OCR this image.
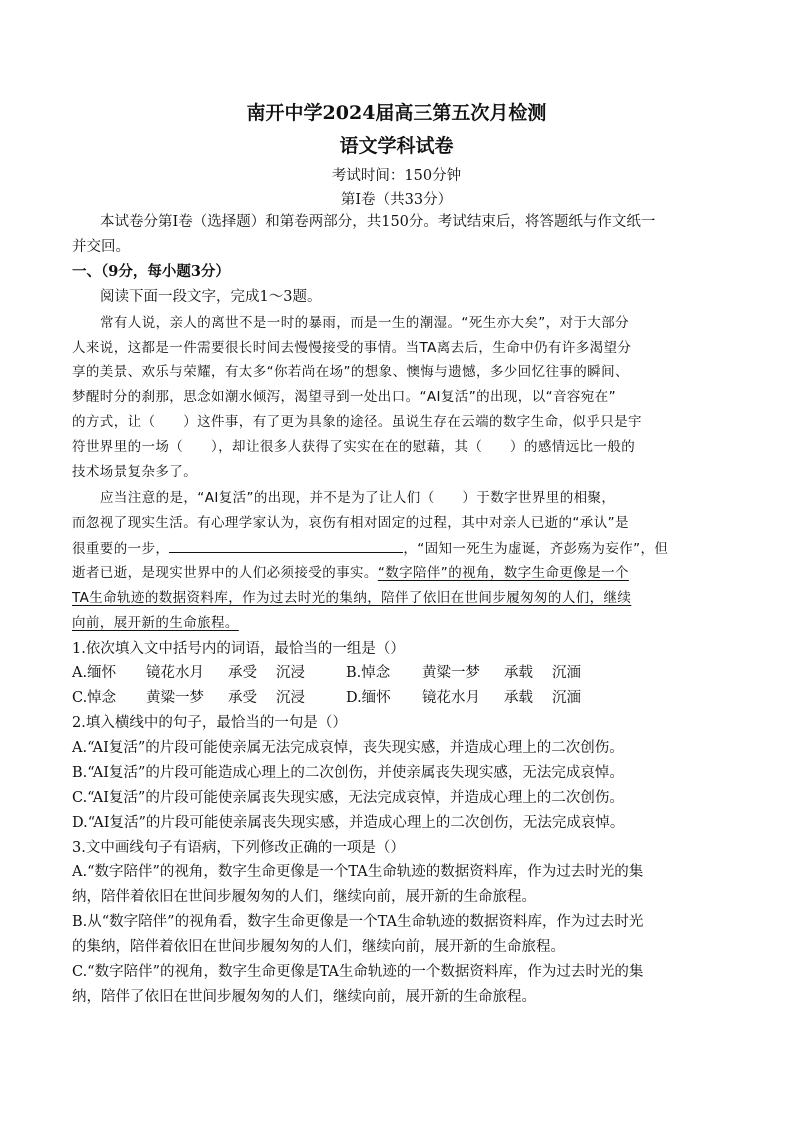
南开中学2024届高三第五次月检测
语文学科试卷
考试时间：150分钟
第I卷（共33分）
本试卷分第I卷（选择题）和第卷两部分，共150分。考试结束后，将答题纸与作文纸一
并交回。
一、（9分，每小题3分）
阅读下面一段文字，完成1～3题。
常有人说，亲人的离世不是一时的暴雨，而是一生的潮湿。“死生亦大矣”，对于大部分
人来说，这都是一件需要很长时间去慢慢接受的事情。当TA离去后，生命中仍有许多渴望分
享的美景、欢乐与荣耀，有太多“你若尚在场”的想象、懊悔与遗憾，多少回忆往事的瞬间、
梦醒时分的刹那，思念如潮水倾泻，渴望寻到一处出口。“AI复活”的出现，以“音容宛在”
的方式，让（　　）这件事，有了更为具象的途径。虽说生存在云端的数字生命，似乎只是宇
符世界里的一场（　　），却让很多人获得了实实在在的慰藉，其（　　）的感情远比一般的
技术场景复杂多了。
应当注意的是，“AI复活”的出现，并不是为了让人们（　　）于数字世界里的相聚，
而忽视了现实生活。有心理学家认为，哀伤有相对固定的过程，其中对亲人已逝的“承认”是
很重要的一步，	，“固知一死生为虚诞，齐彭殇为妄作”，但
逝者已逝，是现实世界中的人们必须接受的事实。“数字陪伴”的视角，数字生命更像是一个
TA生命轨迹的数据资料库，作为过去时光的集纳，陪伴了依旧在世间步履匆匆的人们，继续
向前，展开新的生命旅程。
1.依次填入文中括号内的词语，最恰当的一组是（）
A.缅怀 镜花水月 承受 沉浸	B.悼念 黄粱一梦 承载 沉湎
C.悼念 黄粱一梦 承受 沉浸	D.缅怀 镜花水月 承载 沉湎
2.填入横线中的句子，最恰当的一句是（）
A.“AI复活”的片段可能使亲属无法完成哀悼，丧失现实感，并造成心理上的二次创伤。
B.“AI复活”的片段可能造成心理上的二次创伤，并使亲属丧失现实感，无法完成哀悼。
C.“AI复活”的片段可能使亲属丧失现实感，无法完成哀悼，并造成心理上的二次创伤。
D.“AI复活”的片段可能使亲属丧失现实感，并造成心理上的二次创伤，无法完成哀悼。
3.文中画线句子有语病，下列修改正确的一项是（）
A.“数字陪伴”的视角，数字生命更像是一个TA生命轨迹的数据资料库，作为过去时光的集
纳，陪伴着依旧在世间步履匆匆的人们，继续向前，展开新的生命旅程。
B.从“数字陪伴”的视角看，数字生命更像是一个TA生命轨迹的数据资料库，作为过去时光
的集纳，陪伴着依旧在世间步履匆匆的人们，继续向前，展开新的生命旅程。
C.“数字陪伴”的视角，数字生命更像是TA生命轨迹的一个数据资料库，作为过去时光的集
纳，陪伴了依旧在世间步履匆匆的人们，继续向前，展开新的生命旅程。
